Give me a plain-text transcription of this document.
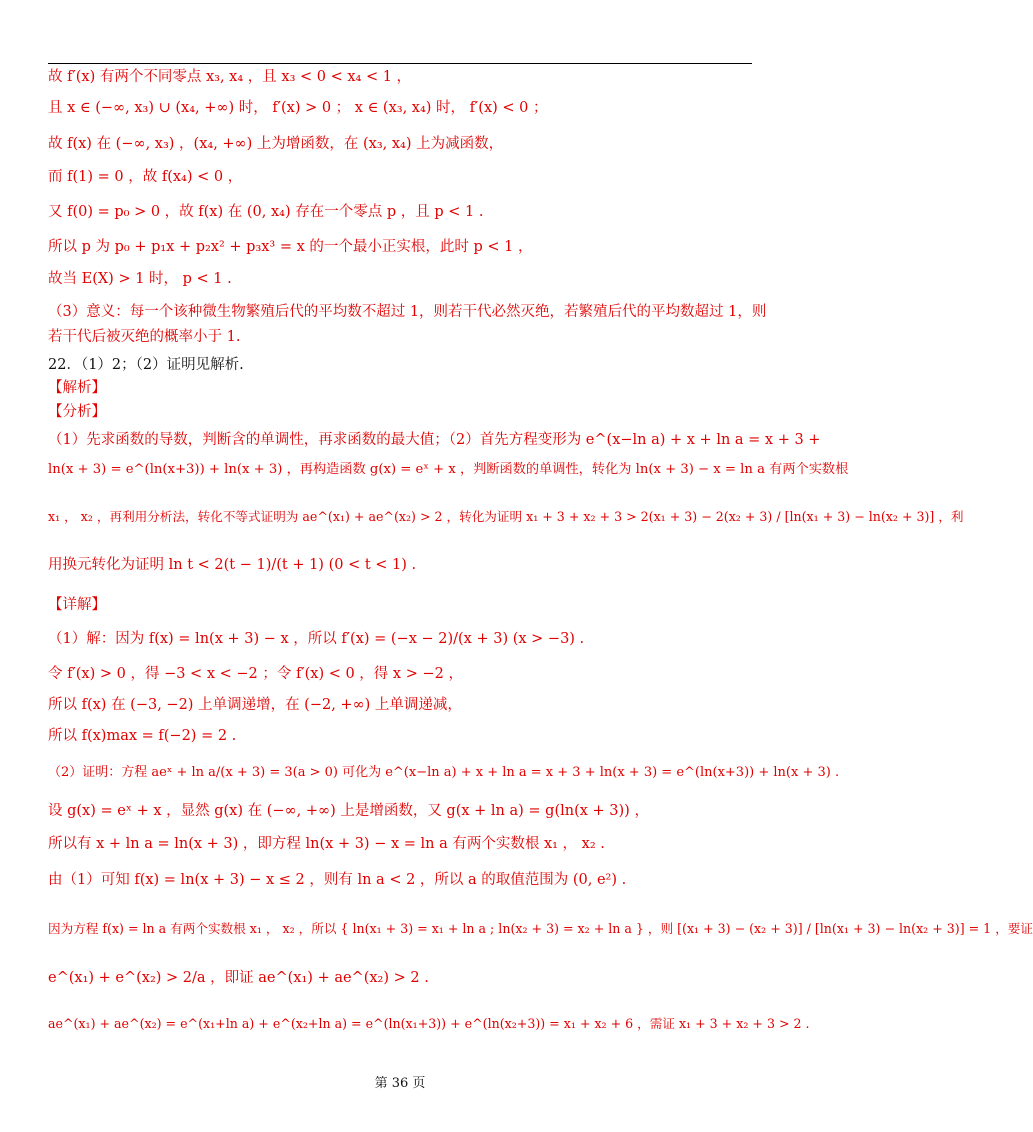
故 f′(x) 有两个不同零点 x₃, x₄ ，且 x₃ < 0 < x₄ < 1 ，
且 x ∈ (−∞, x₃) ∪ (x₄, +∞) 时， f′(x) > 0 ； x ∈ (x₃, x₄) 时， f′(x) < 0 ；
故 f(x) 在 (−∞, x₃) ，(x₄, +∞) 上为增函数，在 (x₃, x₄) 上为减函数，
而 f(1) = 0 ，故 f(x₄) < 0 ，
又 f(0) = p₀ > 0 ，故 f(x) 在 (0, x₄) 存在一个零点 p ，且 p < 1 .
所以 p 为 p₀ + p₁x + p₂x² + p₃x³ = x 的一个最小正实根，此时 p < 1 ，
故当 E(X) > 1 时， p < 1 .
（3）意义：每一个该种微生物繁殖后代的平均数不超过 1，则若干代必然灭绝，若繁殖后代的平均数超过 1，则
若干代后被灭绝的概率小于 1.
22．（1）2；（2）证明见解析.
【解析】
【分析】
（1）先求函数的导数，判断含的单调性，再求函数的最大值；（2）首先方程变形为 e^(x−ln a) + x + ln a = x + 3 +
ln(x + 3) = e^(ln(x+3)) + ln(x + 3) ，再构造函数 g(x) = eˣ + x ，判断函数的单调性，转化为 ln(x + 3) − x = ln a 有两个实数根
x₁ ， x₂ ，再利用分析法，转化不等式证明为 ae^(x₁) + ae^(x₂) > 2 ，转化为证明 x₁ + 3 + x₂ + 3 > 2(x₁ + 3) − 2(x₂ + 3) / [ln(x₁ + 3) − ln(x₂ + 3)] ，利
用换元转化为证明 ln t < 2(t − 1)/(t + 1) (0 < t < 1) .
【详解】
（1）解：因为 f(x) = ln(x + 3) − x ，所以 f′(x) = (−x − 2)/(x + 3) (x > −3) .
令 f′(x) > 0 ，得 −3 < x < −2 ；令 f′(x) < 0 ，得 x > −2 ，
所以 f(x) 在 (−3, −2) 上单调递增，在 (−2, +∞) 上单调递减，
所以 f(x)max = f(−2) = 2 .
（2）证明：方程 aeˣ + ln a/(x + 3) = 3(a > 0) 可化为 e^(x−ln a) + x + ln a = x + 3 + ln(x + 3) = e^(ln(x+3)) + ln(x + 3) .
设 g(x) = eˣ + x ，显然 g(x) 在 (−∞, +∞) 上是增函数，又 g(x + ln a) = g(ln(x + 3)) ，
所以有 x + ln a = ln(x + 3) ，即方程 ln(x + 3) − x = ln a 有两个实数根 x₁ ， x₂ .
由（1）可知 f(x) = ln(x + 3) − x ≤ 2 ，则有 ln a < 2 ，所以 a 的取值范围为 (0, e²) .
因为方程 f(x) = ln a 有两个实数根 x₁ ， x₂ ，所以 { ln(x₁ + 3) = x₁ + ln a ; ln(x₂ + 3) = x₂ + ln a } ，则 [(x₁ + 3) − (x₂ + 3)] / [ln(x₁ + 3) − ln(x₂ + 3)] = 1 ，要证
e^(x₁) + e^(x₂) > 2/a ，即证 ae^(x₁) + ae^(x₂) > 2 .
ae^(x₁) + ae^(x₂) = e^(x₁+ln a) + e^(x₂+ln a) = e^(ln(x₁+3)) + e^(ln(x₂+3)) = x₁ + x₂ + 6 ，需证 x₁ + 3 + x₂ + 3 > 2 .
第 36 页
